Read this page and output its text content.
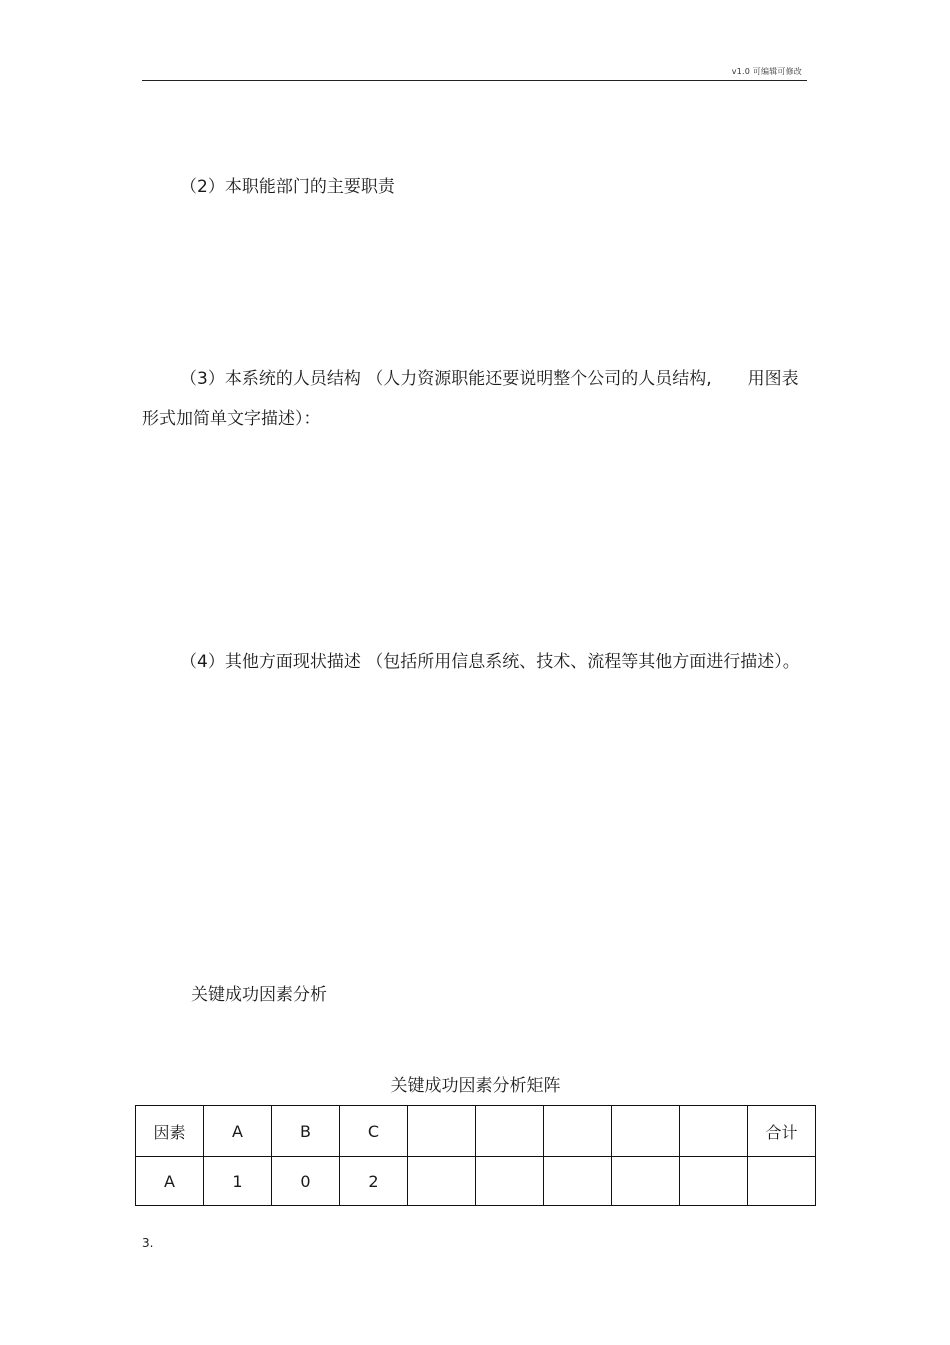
v1.0 可编辑可修改

（2）本职能部门的主要职责

（3）本系统的人员结构 （人力资源职能还要说明整个公司的人员结构, 用图表形式加简单文字描述）：

（4）其他方面现状描述 （包括所用信息系统、技术、流程等其他方面进行描述）。

关键成功因素分析
关键成功因素分析矩阵
因素	A	B	C						合计
A	1	0	2						
3.
